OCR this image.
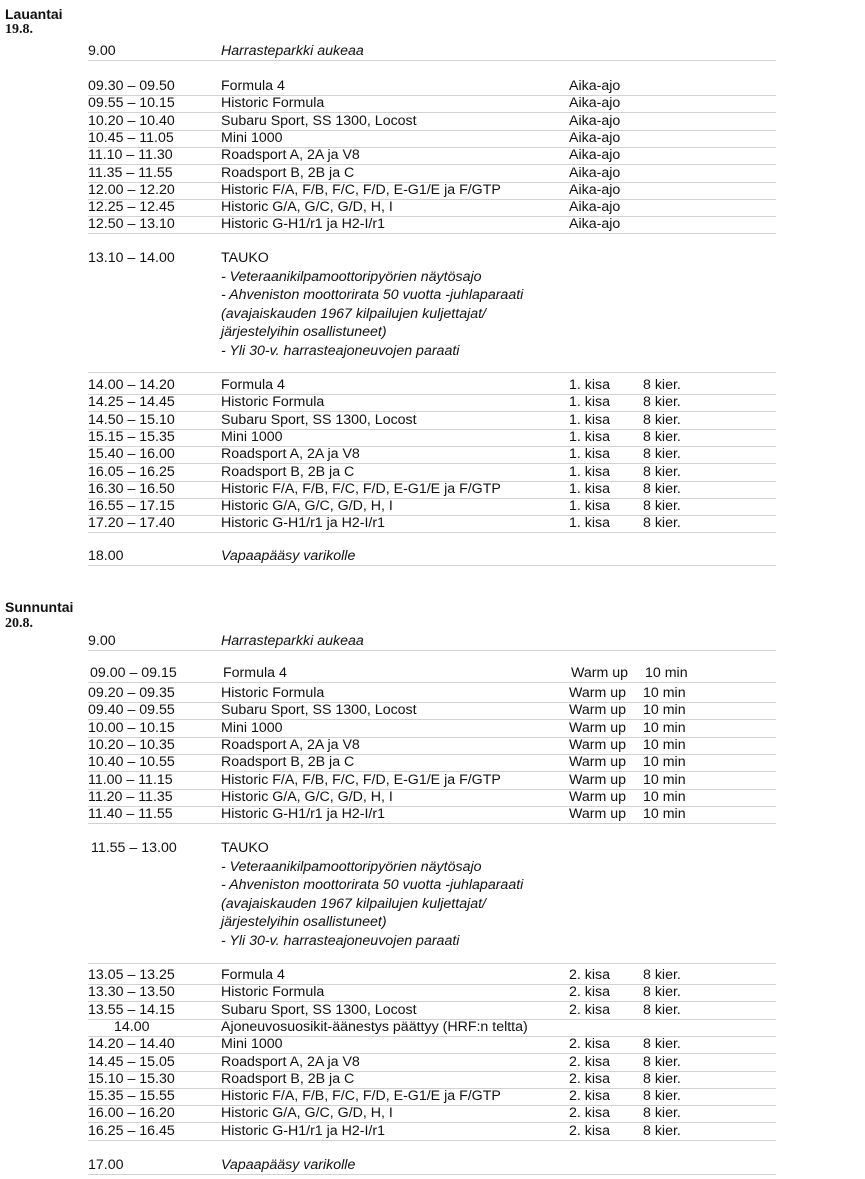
Lauantai
19.8.
9.00	Harrasteparkki aukeaa
09.30 – 09.50	Formula 4	Aika-ajo
09.55 – 10.15	Historic Formula	Aika-ajo
10.20 – 10.40	Subaru Sport, SS 1300, Locost	Aika-ajo
10.45 – 11.05	Mini 1000	Aika-ajo
11.10 – 11.30	Roadsport A, 2A ja V8	Aika-ajo
11.35 – 11.55	Roadsport B, 2B ja C	Aika-ajo
12.00 – 12.20	Historic F/A, F/B, F/C, F/D, E-G1/E ja F/GTP	Aika-ajo
12.25 – 12.45	Historic G/A, G/C, G/D, H, I	Aika-ajo
12.50 – 13.10	Historic G-H1/r1 ja H2-I/r1	Aika-ajo
13.10 – 14.00	TAUKO
- Veteraanikilpamoottoripyörien näytösajo
- Ahveniston moottorirata 50 vuotta -juhlaparaati
(avajaiskauden 1967 kilpailujen kuljettajat/
järjestelyihin osallistuneet)
- Yli 30-v. harrasteajoneuvojen paraati
14.00 – 14.20	Formula 4	1. kisa 8 kier.
14.25 – 14.45	Historic Formula	1. kisa 8 kier.
14.50 – 15.10	Subaru Sport, SS 1300, Locost	1. kisa 8 kier.
15.15 – 15.35	Mini 1000	1. kisa 8 kier.
15.40 – 16.00	Roadsport A, 2A ja V8	1. kisa 8 kier.
16.05 – 16.25	Roadsport B, 2B ja C	1. kisa 8 kier.
16.30 – 16.50	Historic F/A, F/B, F/C, F/D, E-G1/E ja F/GTP	1. kisa 8 kier.
16.55 – 17.15	Historic G/A, G/C, G/D, H, I	1. kisa 8 kier.
17.20 – 17.40	Historic G-H1/r1 ja H2-I/r1	1. kisa 8 kier.
18.00	Vapaapääsy varikolle
Sunnuntai
20.8.
9.00	Harrasteparkki aukeaa
09.00 – 09.15	Formula 4	Warm up 10 min
09.20 – 09.35	Historic Formula	Warm up 10 min
09.40 – 09.55	Subaru Sport, SS 1300, Locost	Warm up 10 min
10.00 – 10.15	Mini 1000	Warm up 10 min
10.20 – 10.35	Roadsport A, 2A ja V8	Warm up 10 min
10.40 – 10.55	Roadsport B, 2B ja C	Warm up 10 min
11.00 – 11.15	Historic F/A, F/B, F/C, F/D, E-G1/E ja F/GTP	Warm up 10 min
11.20 – 11.35	Historic G/A, G/C, G/D, H, I	Warm up 10 min
11.40 – 11.55	Historic G-H1/r1 ja H2-I/r1	Warm up 10 min
11.55 – 13.00	TAUKO
- Veteraanikilpamoottoripyörien näytösajo
- Ahveniston moottorirata 50 vuotta -juhlaparaati
(avajaiskauden 1967 kilpailujen kuljettajat/
järjestelyihin osallistuneet)
- Yli 30-v. harrasteajoneuvojen paraati
13.05 – 13.25	Formula 4	2. kisa 8 kier.
13.30 – 13.50	Historic Formula	2. kisa 8 kier.
13.55 – 14.15	Subaru Sport, SS 1300, Locost	2. kisa 8 kier.
14.00	Ajoneuvosuosikit-äänestys päättyy (HRF:n teltta)
14.20 – 14.40	Mini 1000	2. kisa 8 kier.
14.45 – 15.05	Roadsport A, 2A ja V8	2. kisa 8 kier.
15.10 – 15.30	Roadsport B, 2B ja C	2. kisa 8 kier.
15.35 – 15.55	Historic F/A, F/B, F/C, F/D, E-G1/E ja F/GTP	2. kisa 8 kier.
16.00 – 16.20	Historic G/A, G/C, G/D, H, I	2. kisa 8 kier.
16.25 – 16.45	Historic G-H1/r1 ja H2-I/r1	2. kisa 8 kier.
17.00	Vapaapääsy varikolle
